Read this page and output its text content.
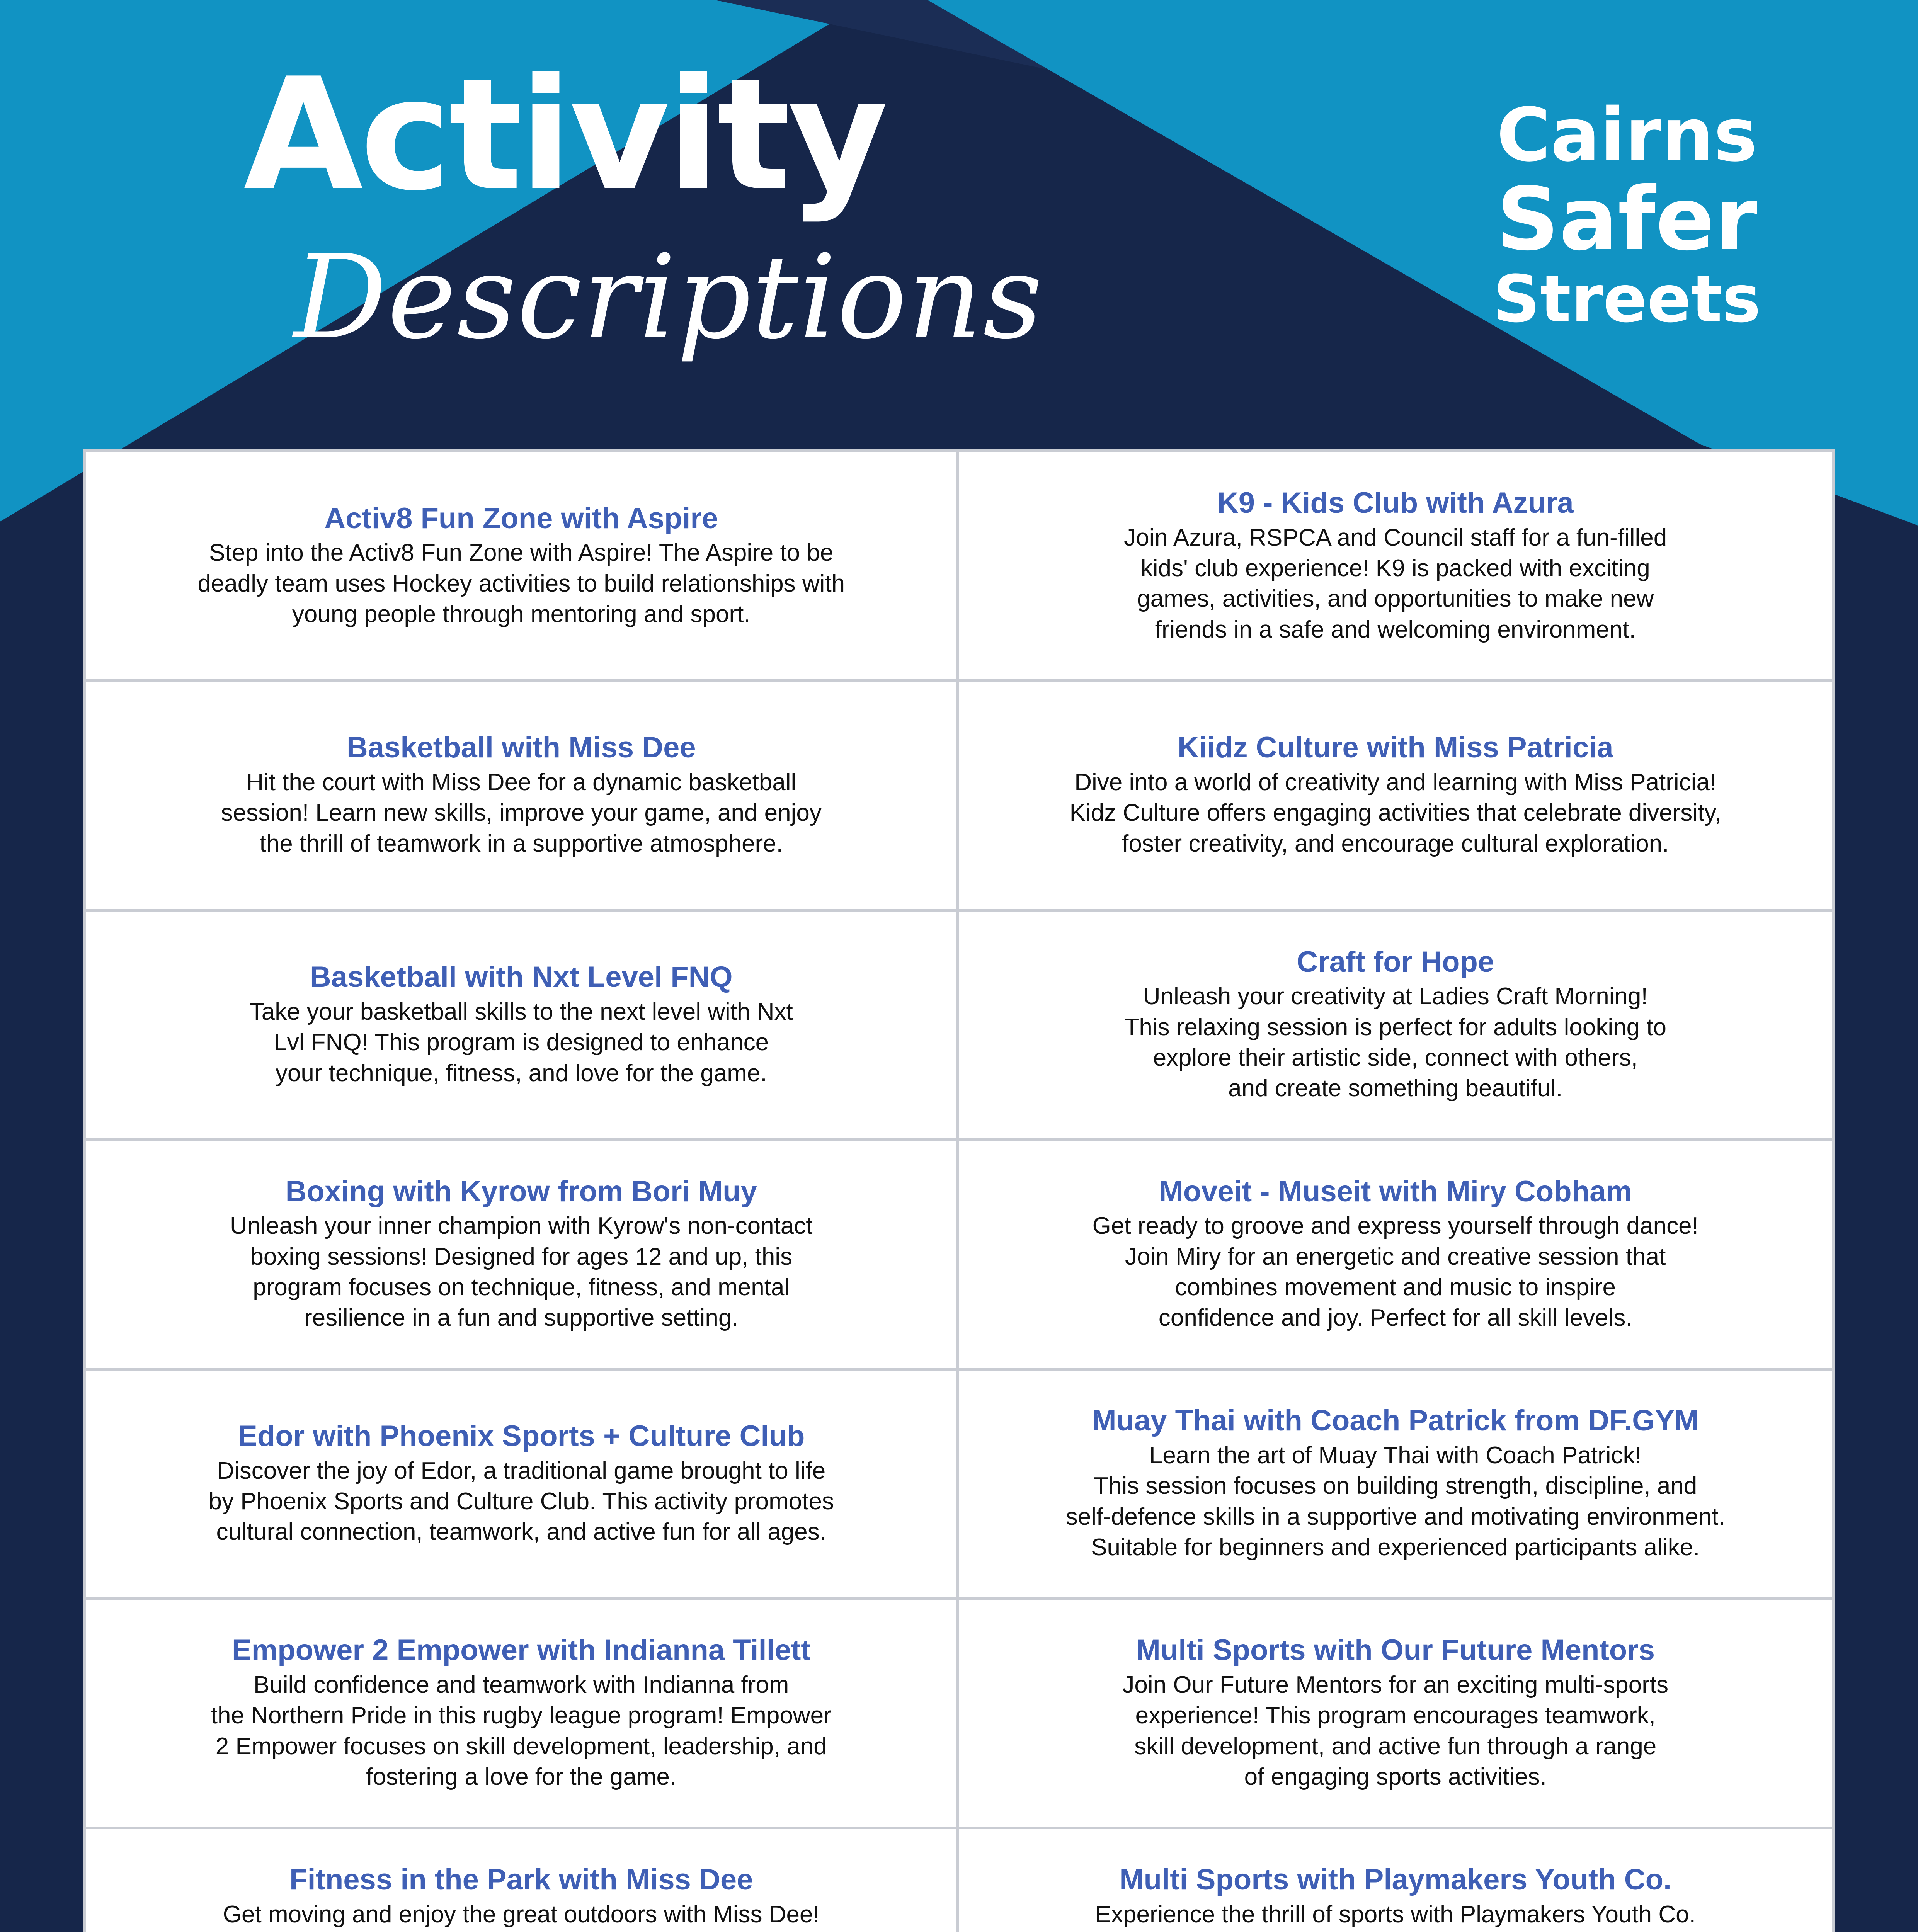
Activity
Descriptions
Cairns
Safer
Streets
Activ8 Fun Zone with Aspire

Step into the Activ8 Fun Zone with Aspire! The Aspire to be
deadly team uses Hockey activities to build relationships with
young people through mentoring and sport.

K9 - Kids Club with Azura

Join Azura, RSPCA and Council staff for a fun-filled
kids' club experience! K9 is packed with exciting
games, activities, and opportunities to make new
friends in a safe and welcoming environment.

Basketball with Miss Dee

Hit the court with Miss Dee for a dynamic basketball
session! Learn new skills, improve your game, and enjoy
the thrill of teamwork in a supportive atmosphere.

Kiidz Culture with Miss Patricia

Dive into a world of creativity and learning with Miss Patricia!
Kidz Culture offers engaging activities that celebrate diversity,
foster creativity, and encourage cultural exploration.

Basketball with Nxt Level FNQ

Take your basketball skills to the next level with Nxt
Lvl FNQ! This program is designed to enhance
your technique, fitness, and love for the game.

Craft for Hope

Unleash your creativity at Ladies Craft Morning!
This relaxing session is perfect for adults looking to
explore their artistic side, connect with others,
and create something beautiful.

Boxing with Kyrow from Bori Muy

Unleash your inner champion with Kyrow's non-contact
boxing sessions! Designed for ages 12 and up, this
program focuses on technique, fitness, and mental
resilience in a fun and supportive setting.

Moveit - Museit with Miry Cobham

Get ready to groove and express yourself through dance!
Join Miry for an energetic and creative session that
combines movement and music to inspire
confidence and joy. Perfect for all skill levels.

Edor with Phoenix Sports + Culture Club

Discover the joy of Edor, a traditional game brought to life
by Phoenix Sports and Culture Club. This activity promotes
cultural connection, teamwork, and active fun for all ages.

Muay Thai with Coach Patrick from DF.GYM

Learn the art of Muay Thai with Coach Patrick!
This session focuses on building strength, discipline, and
self-defence skills in a supportive and motivating environment.
Suitable for beginners and experienced participants alike.

Empower 2 Empower with Indianna Tillett

Build confidence and teamwork with Indianna from
the Northern Pride in this rugby league program! Empower
2 Empower focuses on skill development, leadership, and
fostering a love for the game.

Multi Sports with Our Future Mentors

Join Our Future Mentors for an exciting multi-sports
experience! This program encourages teamwork,
skill development, and active fun through a range
of engaging sports activities.

Fitness in the Park with Miss Dee

Get moving and enjoy the great outdoors with Miss Dee!

Multi Sports with Playmakers Youth Co.

Experience the thrill of sports with Playmakers Youth Co.
